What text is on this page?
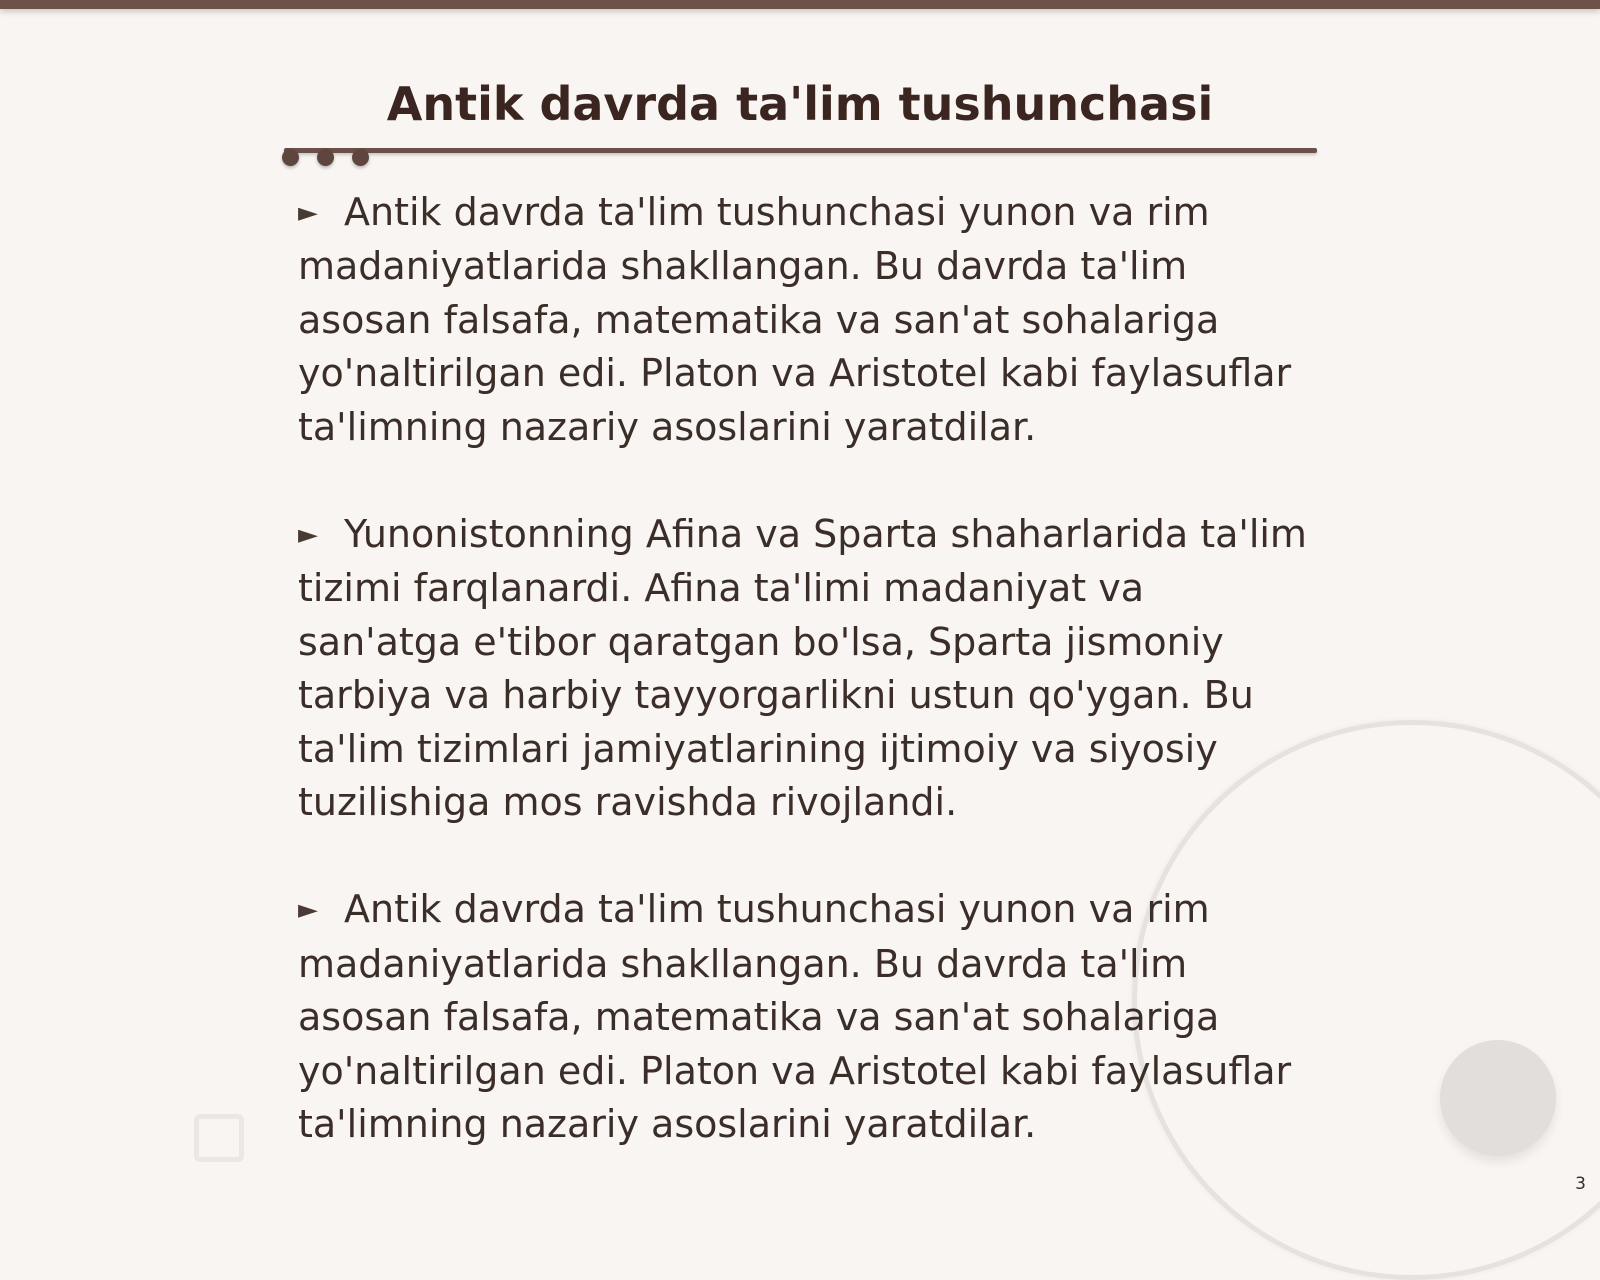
Antik davrda ta'lim tushunchasi

► Antik davrda ta'lim tushunchasi yunon va rim madaniyatlarida shakllangan. Bu davrda ta'lim asosan falsafa, matematika va san'at sohalariga yo'naltirilgan edi. Platon va Aristotel kabi faylasuflar ta'limning nazariy asoslarini yaratdilar.

► Yunonistonning Afina va Sparta shaharlarida ta'lim tizimi farqlanardi. Afina ta'limi madaniyat va san'atga e'tibor qaratgan bo'lsa, Sparta jismoniy tarbiya va harbiy tayyorgarlikni ustun qo'ygan. Bu ta'lim tizimlari jamiyatlarining ijtimoiy va siyosiy tuzilishiga mos ravishda rivojlandi.

► Antik davrda ta'lim tushunchasi yunon va rim madaniyatlarida shakllangan. Bu davrda ta'lim asosan falsafa, matematika va san'at sohalariga yo'naltirilgan edi. Platon va Aristotel kabi faylasuflar ta'limning nazariy asoslarini yaratdilar.

3
